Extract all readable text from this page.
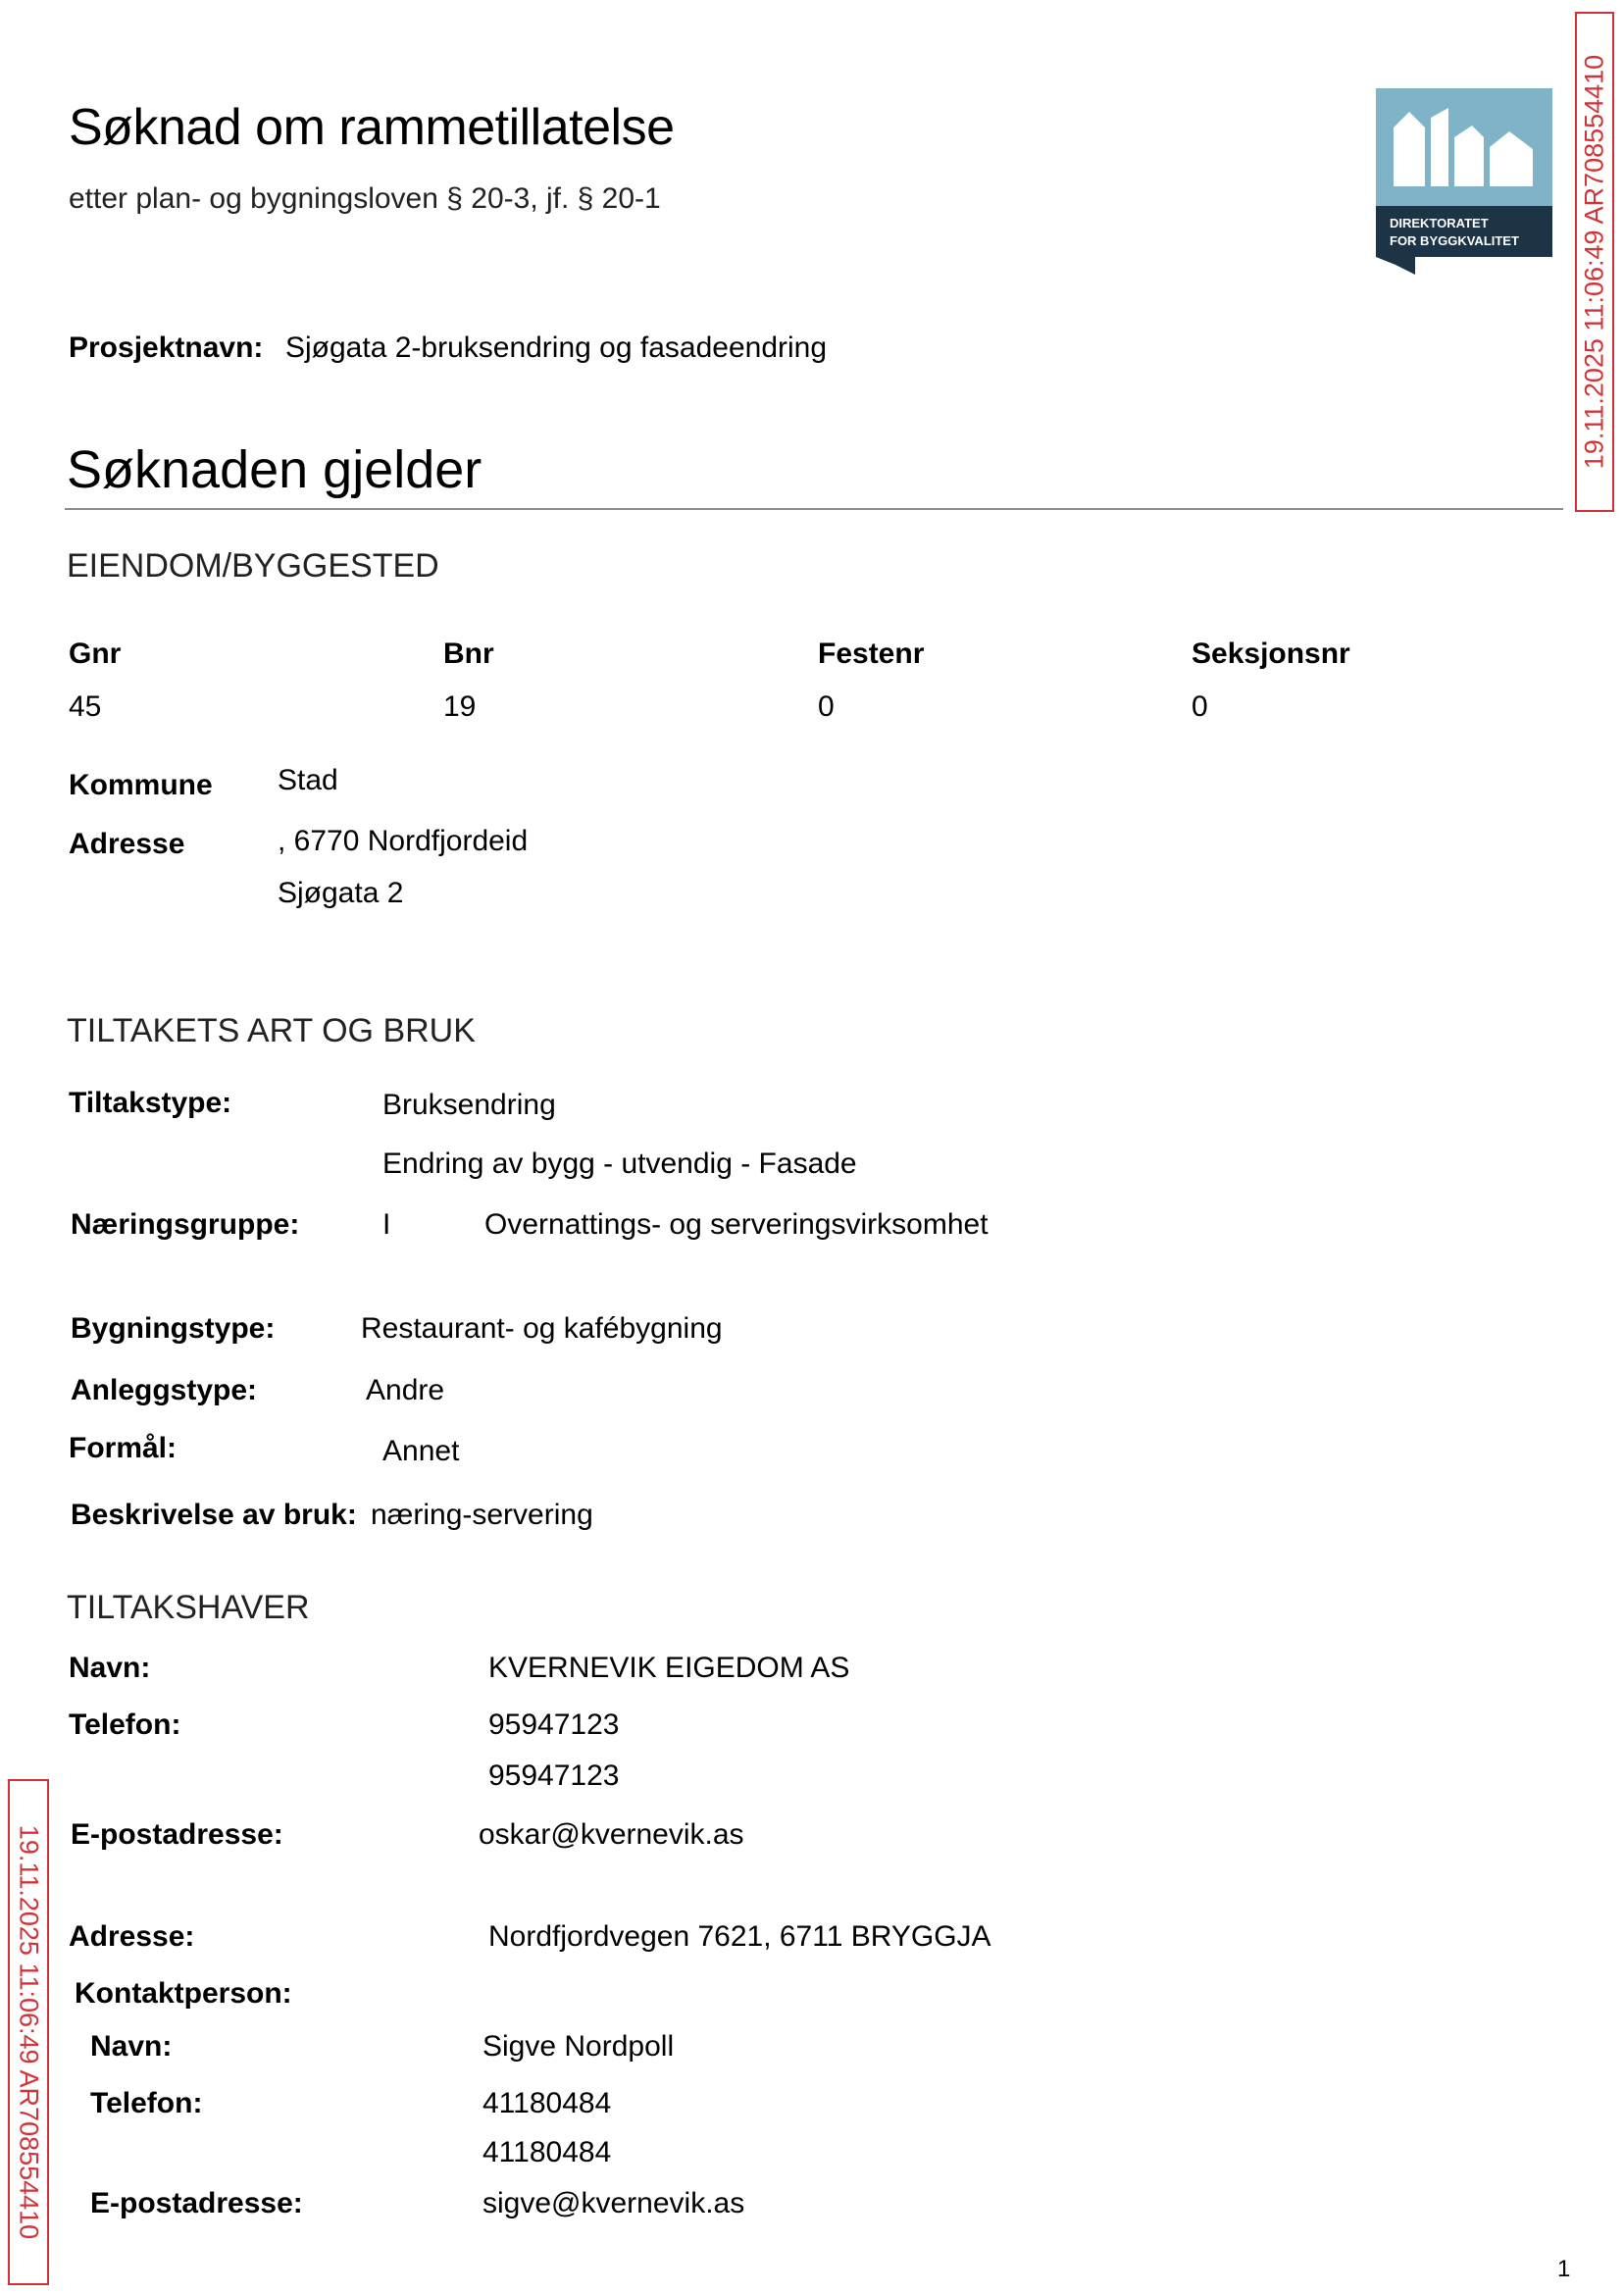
Søknad om rammetillatelse
etter plan- og bygningsloven § 20-3, jf. § 20-1
DIREKTORATET
FOR BYGGKVALITET 19.11.2025 11:06:49 AR708554410
19.11.2025 11:06:49 AR708554410
Prosjektnavn: Sjøgata 2-bruksendring og fasadeendring
Søknaden gjelder
EIENDOM/BYGGESTED
Gnr	Bnr	Festenr	Seksjonsnr
45	19	0	0
Kommune Stad
Adresse	, 6770 Nordfjordeid
Sjøgata 2
TILTAKETS ART OG BRUK
Tiltakstype:	Bruksendring
Endring av bygg - utvendig - Fasade
Næringsgruppe:	I	Overnattings- og serveringsvirksomhet
Bygningstype:	Restaurant- og kafébygning
Anleggstype:	Andre
Formål:	Annet
Beskrivelse av bruk: næring-servering
TILTAKSHAVER
Navn:	KVERNEVIK EIGEDOM AS
Telefon:	95947123
95947123
E-postadresse:	oskar@kvernevik.as
Adresse:	Nordfjordvegen 7621, 6711 BRYGGJA
Kontaktperson:
Navn:	Sigve Nordpoll
Telefon:	41180484
41180484
E-postadresse:	sigve@kvernevik.as
1
